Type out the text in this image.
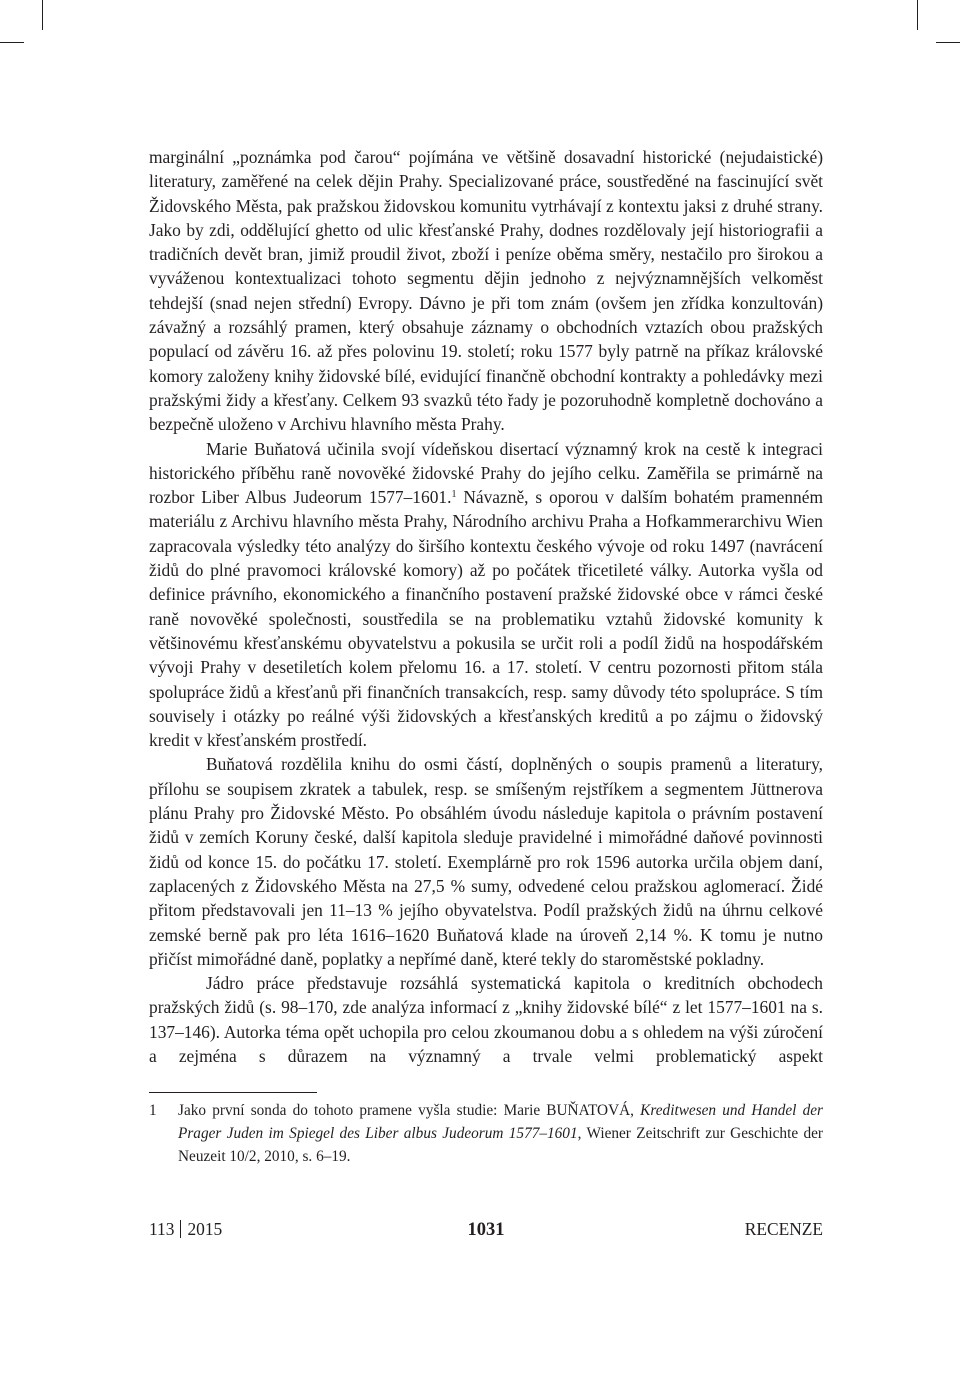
marginální „poznámka pod čarou“ pojímána ve většině dosavadní historické (nejudaistické) literatury, zaměřené na celek dějin Prahy. Specializované práce, soustředěné na fascinující svět Židovského Města, pak pražskou židovskou komunitu vytrhávají z kontextu jaksi z druhé strany. Jako by zdi, oddělující ghetto od ulic křesťanské Prahy, dodnes rozdělovaly její historiografii a tradičních devět bran, jimiž proudil život, zboží i peníze oběma směry, nestačilo pro širokou a vyváženou kontextualizaci tohoto segmentu dějin jednoho z nejvýznamnějších velkoměst tehdejší (snad nejen střední) Evropy. Dávno je při tom znám (ovšem jen zřídka konzultován) závažný a rozsáhlý pramen, který obsahuje záznamy o obchodních vztazích obou pražských populací od závěru 16. až přes polovinu 19. století; roku 1577 byly patrně na příkaz královské komory založeny knihy židovské bílé, evidující finančně obchodní kontrakty a pohledávky mezi pražskými židy a křesťany. Celkem 93 svazků této řady je pozoruhodně kompletně dochováno a bezpečně uloženo v Archivu hlavního města Prahy.

Marie Buňatová učinila svojí vídeňskou disertací významný krok na cestě k integraci historického příběhu raně novověké židovské Prahy do jejího celku. Zaměřila se primárně na rozbor Liber Albus Judeorum 1577–1601.$^1$ Návazně, s oporou v dalším bohatém pramenném materiálu z Archivu hlavního města Prahy, Národního archivu Praha a Hofkammerarchivu Wien zapracovala výsledky této analýzy do širšího kontextu českého vývoje od roku 1497 (navrácení židů do plné pravomoci královské komory) až po počátek třicetileté války. Autorka vyšla od definice právního, ekonomického a finančního postavení pražské židovské obce v rámci české raně novověké společnosti, soustředila se na problematiku vztahů židovské komunity k většinovému křesťanskému obyvatelstvu a pokusila se určit roli a podíl židů na hospodářském vývoji Prahy v desetiletích kolem přelomu 16. a 17. století. V centru pozornosti přitom stála spolupráce židů a křesťanů při finančních transakcích, resp. samy důvody této spolupráce. S tím souvisely i otázky po reálné výši židovských a křesťanských kreditů a po zájmu o židovský kredit v křesťanském prostředí.

Buňatová rozdělila knihu do osmi částí, doplněných o soupis pramenů a literatury, přílohu se soupisem zkratek a tabulek, resp. se smíšeným rejstříkem a segmentem Jüttnerova plánu Prahy pro Židovské Město. Po obsáhlém úvodu následuje kapitola o právním postavení židů v zemích Koruny české, další kapitola sleduje pravidelné i mimořádné daňové povinnosti židů od konce 15. do počátku 17. století. Exemplárně pro rok 1596 autorka určila objem daní, zaplacených z Židovského Města na 27,5 % sumy, odvedené celou pražskou aglomerací. Židé přitom představovali jen 11–13 % jejího obyvatelstva. Podíl pražských židů na úhrnu celkové zemské berně pak pro léta 1616–1620 Buňatová klade na úroveň 2,14 %. K tomu je nutno přičíst mimořádné daně, poplatky a nepřímé daně, které tekly do staroměstské pokladny.

Jádro práce představuje rozsáhlá systematická kapitola o kreditních obchodech pražských židů (s. 98–170, zde analýza informací z „knihy židovské bílé“ z let 1577–1601 na s. 137–146). Autorka téma opět uchopila pro celou zkoumanou dobu a s ohledem na výši zúročení a zejména s důrazem na významný a trvale velmi problematický aspekt

1	Jako první sonda do tohoto pramene vyšla studie: Marie BUŇATOVÁ, Kreditwesen und Handel der Prager Juden im Spiegel des Liber albus Judeorum 1577–1601, Wiener Zeitschrift zur Geschichte der Neuzeit 10/2, 2010, s. 6–19.
113 2015	1031	RECENZE
